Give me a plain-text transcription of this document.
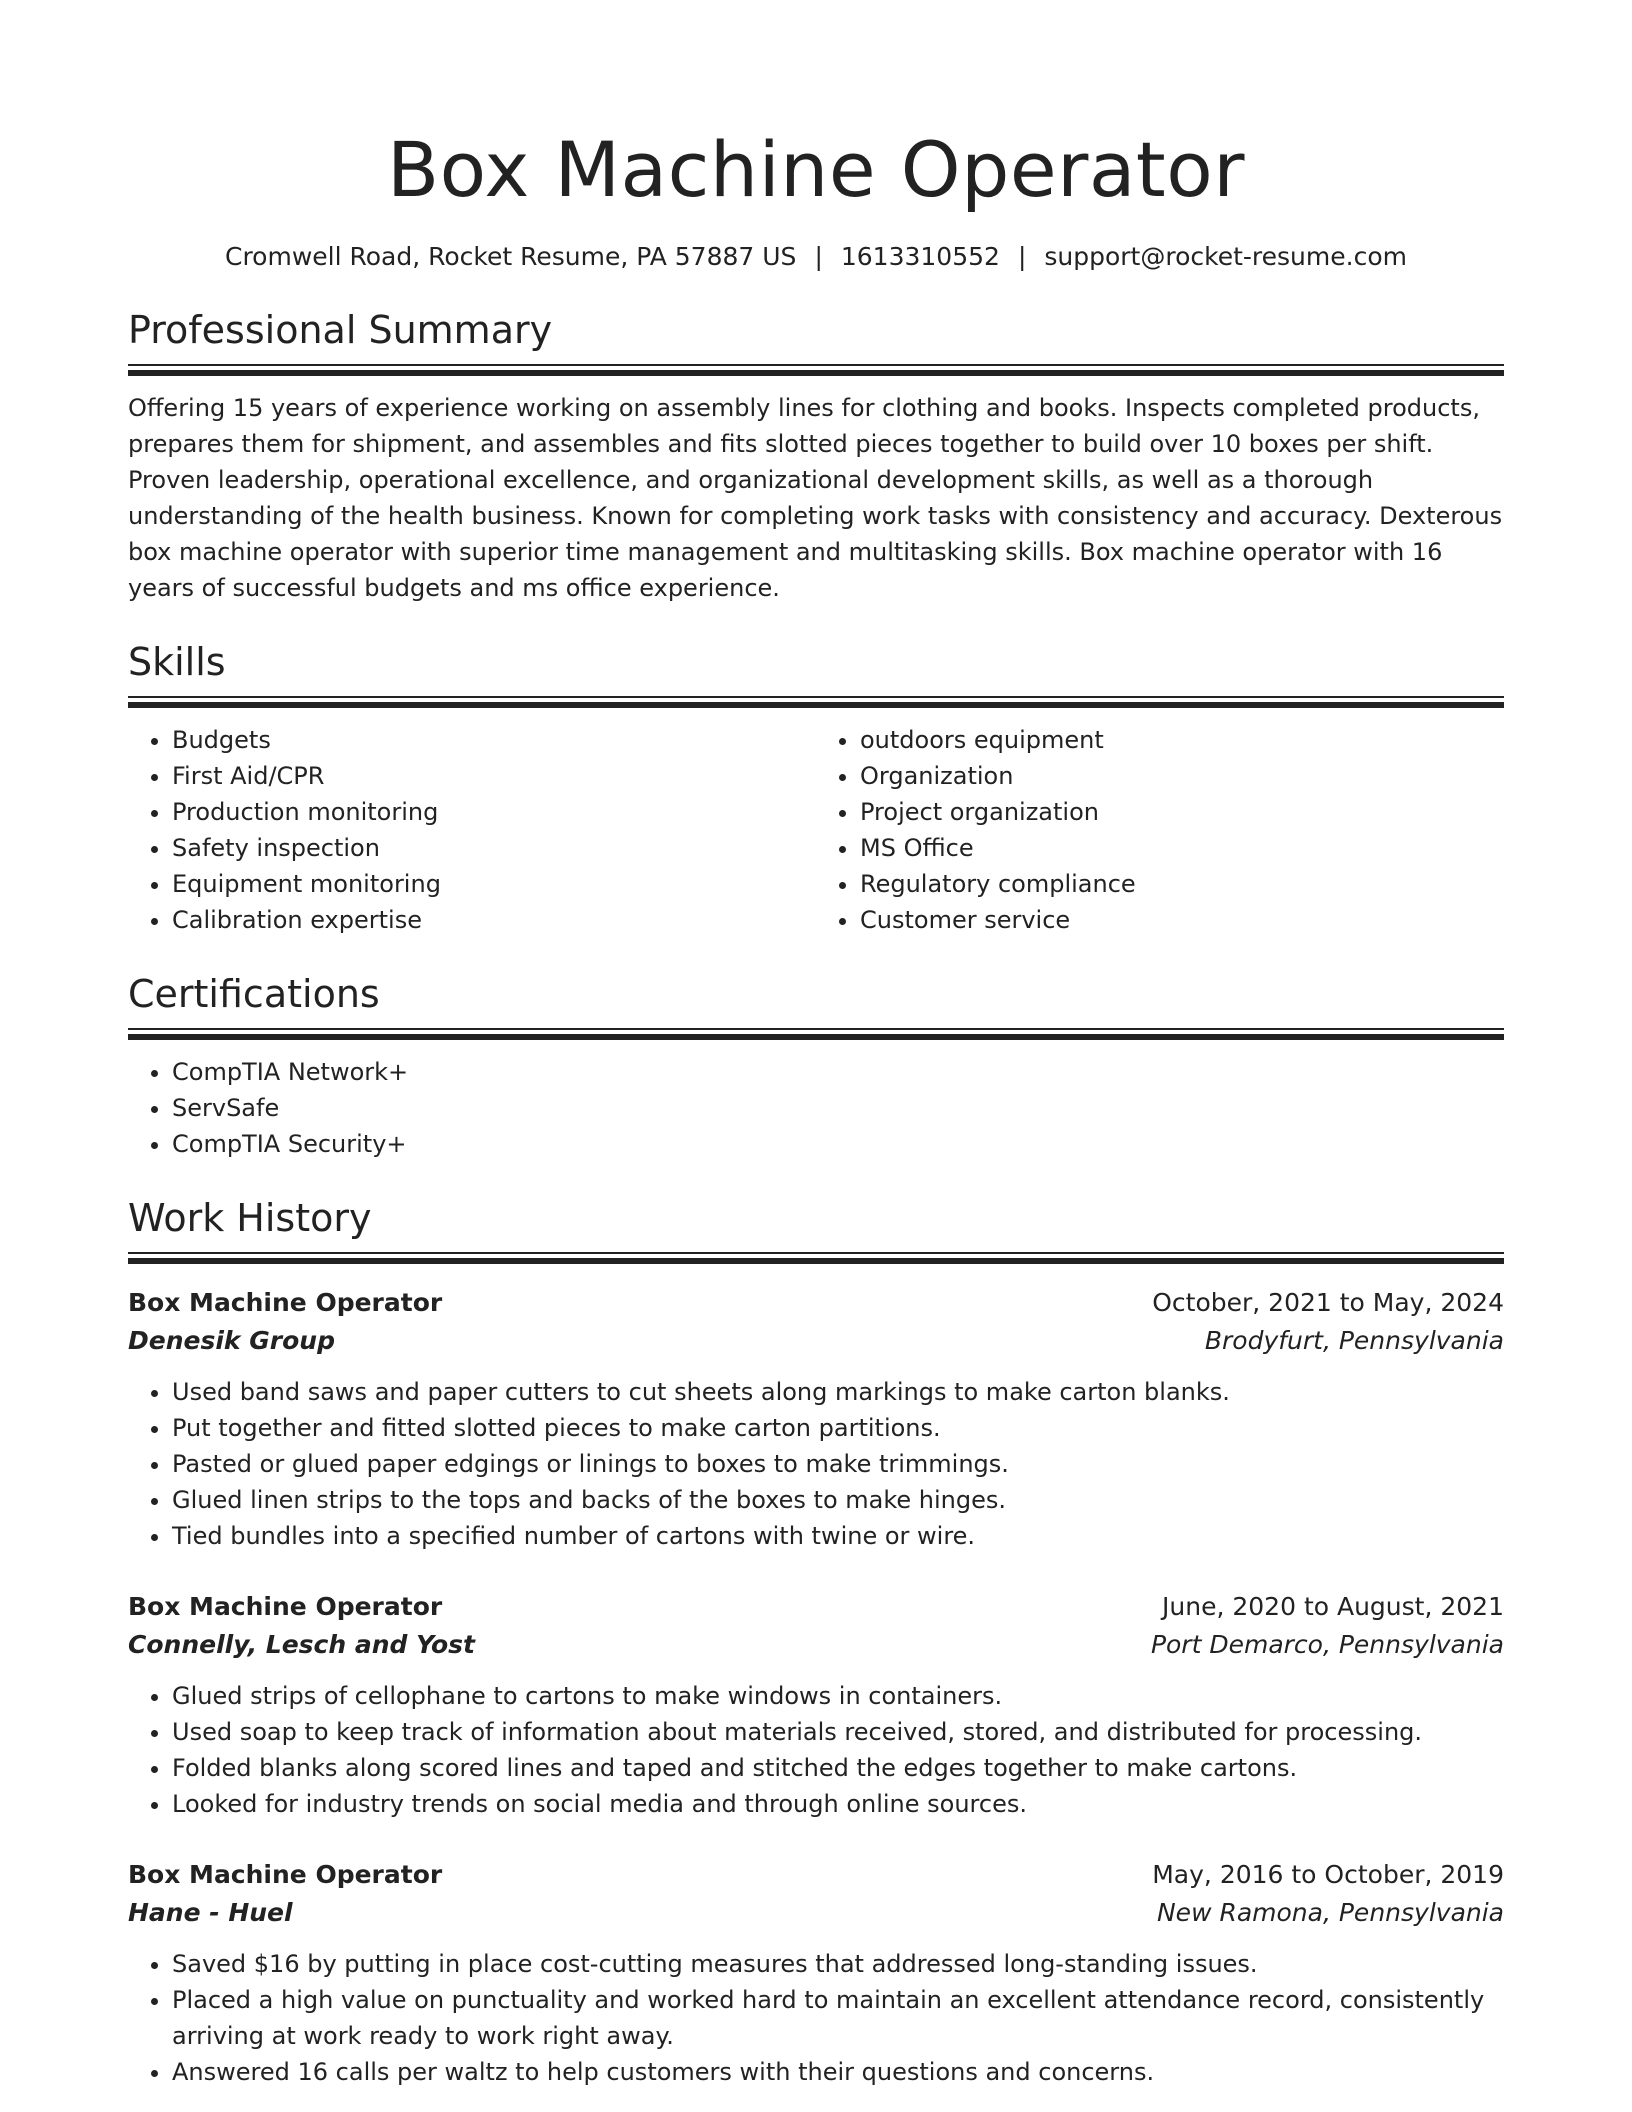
Box Machine Operator
Cromwell Road, Rocket Resume, PA 57887 US | 1613310552 | support@rocket-resume.com
Professional Summary
Offering 15 years of experience working on assembly lines for clothing and books. Inspects completed products, prepares them for shipment, and assembles and fits slotted pieces together to build over 10 boxes per shift. Proven leadership, operational excellence, and organizational development skills, as well as a thorough understanding of the health business. Known for completing work tasks with consistency and accuracy. Dexterous box machine operator with superior time management and multitasking skills. Box machine operator with 16 years of successful budgets and ms office experience.
Skills
• Budgets
• First Aid/CPR
• Production monitoring
• Safety inspection
• Equipment monitoring
• Calibration expertise
• outdoors equipment
• Organization
• Project organization
• MS Office
• Regulatory compliance
• Customer service
Certifications
• CompTIA Network+
• ServSafe
• CompTIA Security+
Work History
Box Machine Operator	October, 2021 to May, 2024
Denesik Group	Brodyfurt, Pennsylvania
• Used band saws and paper cutters to cut sheets along markings to make carton blanks.
• Put together and fitted slotted pieces to make carton partitions.
• Pasted or glued paper edgings or linings to boxes to make trimmings.
• Glued linen strips to the tops and backs of the boxes to make hinges.
• Tied bundles into a specified number of cartons with twine or wire.
Box Machine Operator	June, 2020 to August, 2021
Connelly, Lesch and Yost	Port Demarco, Pennsylvania
• Glued strips of cellophane to cartons to make windows in containers.
• Used soap to keep track of information about materials received, stored, and distributed for processing.
• Folded blanks along scored lines and taped and stitched the edges together to make cartons.
• Looked for industry trends on social media and through online sources.
Box Machine Operator	May, 2016 to October, 2019
Hane - Huel	New Ramona, Pennsylvania
• Saved $16 by putting in place cost-cutting measures that addressed long-standing issues.
• Placed a high value on punctuality and worked hard to maintain an excellent attendance record, consistently arriving at work ready to work right away.
• Answered 16 calls per waltz to help customers with their questions and concerns.
